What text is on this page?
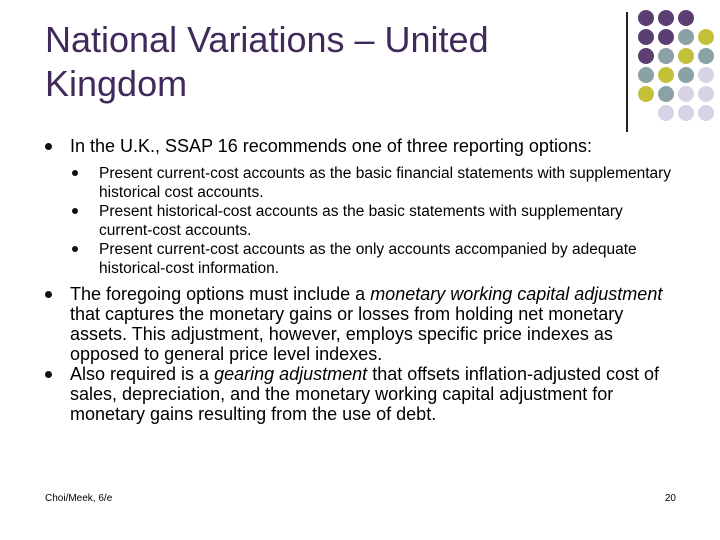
National Variations – United Kingdom
In the U.K., SSAP 16 recommends one of three reporting options:
Present current-cost accounts as the basic financial statements with supplementary historical cost accounts.
Present historical-cost accounts as the basic statements with supplementary current-cost accounts.
Present current-cost accounts as the only accounts accompanied by adequate historical-cost information.
The foregoing options must include a monetary working capital adjustment that captures the monetary gains or losses from holding net monetary assets. This adjustment, however, employs specific price indexes as opposed to general price level indexes.
Also required is a gearing adjustment that offsets inflation-adjusted cost of sales, depreciation, and the monetary working capital adjustment for monetary gains resulting from the use of debt.
Choi/Meek, 6/e	20
